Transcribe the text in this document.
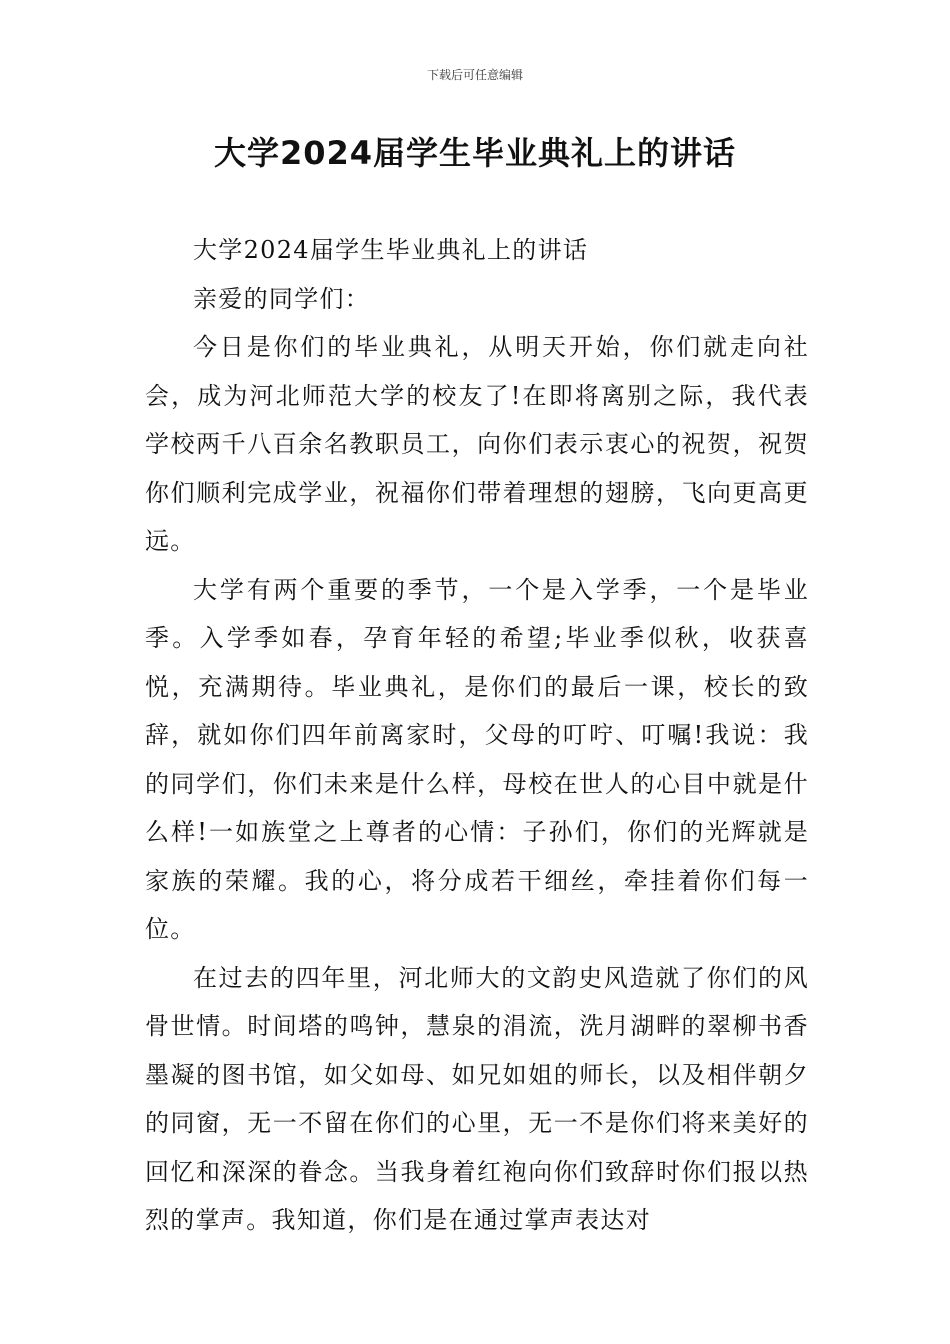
下载后可任意编辑
大学2024届学生毕业典礼上的讲话

大学2024届学生毕业典礼上的讲话

亲爱的同学们：

今日是你们的毕业典礼，从明天开始，你们就走向社会，成为河北师范大学的校友了!在即将离别之际，我代表学校两千八百余名教职员工，向你们表示衷心的祝贺，祝贺你们顺利完成学业，祝福你们带着理想的翅膀，飞向更高更远。

大学有两个重要的季节，一个是入学季，一个是毕业季。入学季如春，孕育年轻的希望;毕业季似秋，收获喜悦，充满期待。毕业典礼，是你们的最后一课，校长的致辞，就如你们四年前离家时，父母的叮咛、叮嘱!我说：我的同学们，你们未来是什么样，母校在世人的心目中就是什么样!一如族堂之上尊者的心情：子孙们，你们的光辉就是家族的荣耀。我的心，将分成若干细丝，牵挂着你们每一位。

在过去的四年里，河北师大的文韵史风造就了你们的风骨世情。时间塔的鸣钟，慧泉的涓流，洗月湖畔的翠柳书香墨凝的图书馆，如父如母、如兄如姐的师长，以及相伴朝夕的同窗，无一不留在你们的心里，无一不是你们将来美好的回忆和深深的眷念。当我身着红袍向你们致辞时你们报以热烈的掌声。我知道，你们是在通过掌声表达对
